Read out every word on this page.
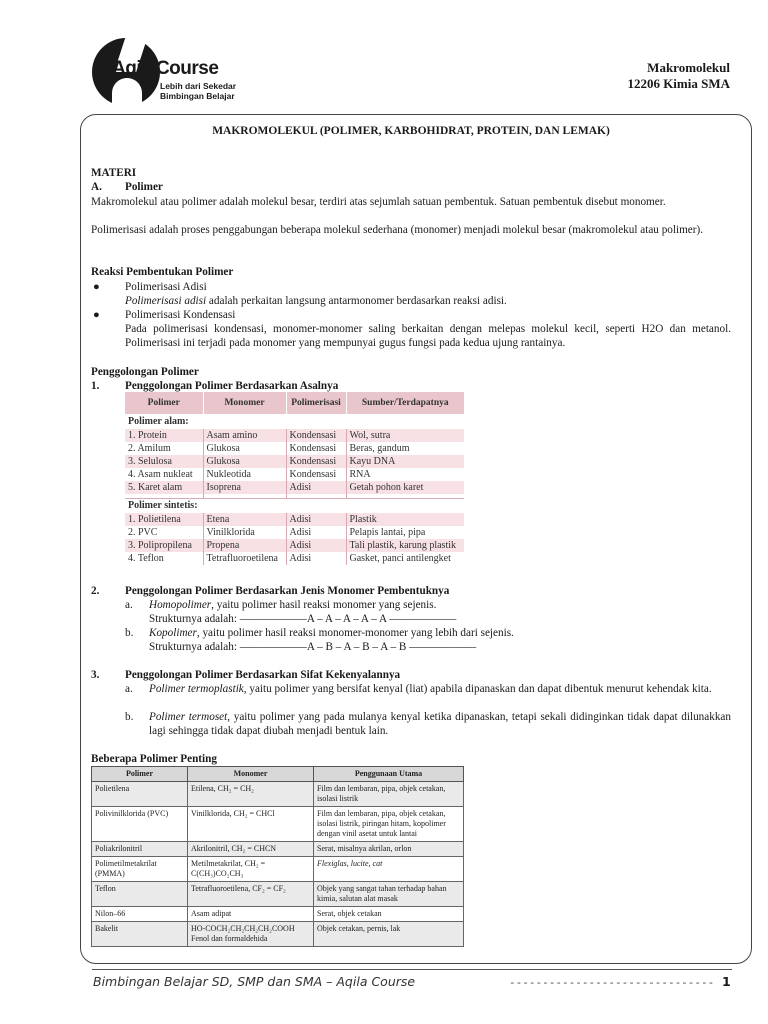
AqilaCourse
Lebih dari Sekedar
Bimbingan Belajar
Makromolekul
12206 Kimia SMA
MAKROMOLEKUL (POLIMER, KARBOHIDRAT, PROTEIN, DAN LEMAK)
MATERI
A. Polimer
Makromolekul atau polimer adalah molekul besar, terdiri atas sejumlah satuan pembentuk. Satuan pembentuk disebut monomer.
Polimerisasi adalah proses penggabungan beberapa molekul sederhana (monomer) menjadi molekul besar (makromolekul atau polimer).
Reaksi Pembentukan Polimer
● Polimerisasi Adisi
Polimerisasi adisi adalah perkaitan langsung antarmonomer berdasarkan reaksi adisi.
● Polimerisasi Kondensasi
Pada polimerisasi kondensasi, monomer-monomer saling berkaitan dengan melepas molekul kecil, seperti H2O dan metanol. Polimerisasi ini terjadi pada monomer yang mempunyai gugus fungsi pada kedua ujung rantainya.
Penggolongan Polimer
1. Penggolongan Polimer Berdasarkan Asalnya
Polimer	Monomer	Polimerisasi	Sumber/Terdapatnya
Polimer alam:			
1. Protein	Asam amino	Kondensasi	Wol, sutra
2. Amilum	Glukosa	Kondensasi	Beras, gandum
3. Selulosa	Glukosa	Kondensasi	Kayu DNA
4. Asam nukleat	Nukleotida	Kondensasi	RNA
5. Karet alam	Isoprena	Adisi	Getah pohon karet

Polimer sintetis:			
1. Polietilena	Etena	Adisi	Plastik
2. PVC	Vinilklorida	Adisi	Pelapis lantai, pipa
3. Polipropilena	Propena	Adisi	Tali plastik, karung plastik
4. Teflon	Tetrafluoroetilena	Adisi	Gasket, panci antilengket
2. Penggolongan Polimer Berdasarkan Jenis Monomer Pembentuknya
a. Homopolimer, yaitu polimer hasil reaksi monomer yang sejenis.
Strukturnya adalah: ――――――A – A – A – A – A ――――――
b. Kopolimer, yaitu polimer hasil reaksi monomer-monomer yang lebih dari sejenis.
Strukturnya adalah: ――――――A – B – A – B – A – B ――――――
3. Penggolongan Polimer Berdasarkan Sifat Kekenyalannya
a. Polimer termoplastik, yaitu polimer yang bersifat kenyal (liat) apabila dipanaskan dan dapat dibentuk menurut kehendak kita.
b. Polimer termoset, yaitu polimer yang pada mulanya kenyal ketika dipanaskan, tetapi sekali didinginkan tidak dapat dilunakkan lagi sehingga tidak dapat diubah menjadi bentuk lain.
Beberapa Polimer Penting
Polimer	Monomer	Penggunaan Utama
Polietilena	Etilena, CH₂ = CH₂	Film dan lembaran, pipa, objek cetakan, isolasi listrik
Polivinilklorida (PVC)	Vinilklorida, CH₂ = CHCl	Film dan lembaran, pipa, objek cetakan, isolasi listrik, piringan hitam, kopolimer dengan vinil asetat untuk lantai
Poliakrilonitril	Akrilonitril, CH₂ = CHCN	Serat, misalnya akrilan, orlon
Polimetilmetakrilat (PMMA)	Metilmetakrilat, CH₂ = C(CH₃)CO₂CH₃	Flexiglas, lucite, cat
Teflon	Tetrafluoroetilena, CF₂ = CF₂	Objek yang sangat tahan terhadap bahan kimia, salutan alat masak
Nilon–66	Asam adipat	Serat, objek cetakan
Bakelit	HO-COCH₂CH₂CH₂CH₂COOH Fenol dan formaldehida	Objek cetakan, pernis, lak
Bimbingan Belajar SD, SMP dan SMA – Aqila Course	------------------------------- 1
